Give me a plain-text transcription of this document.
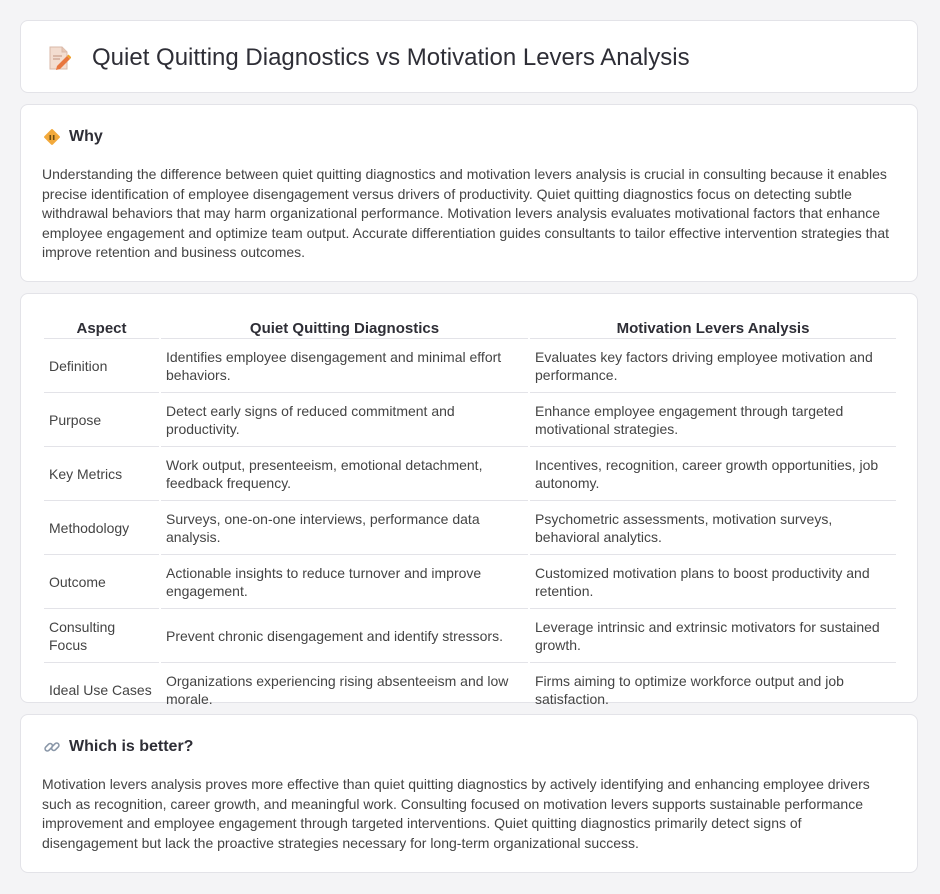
Quiet Quitting Diagnostics vs Motivation Levers Analysis
Why

Understanding the difference between quiet quitting diagnostics and motivation levers analysis is crucial in consulting because it enables precise identification of employee disengagement versus drivers of productivity. Quiet quitting diagnostics focus on detecting subtle withdrawal behaviors that may harm organizational performance. Motivation levers analysis evaluates motivational factors that enhance employee engagement and optimize team output. Accurate differentiation guides consultants to tailor effective intervention strategies that improve retention and business outcomes.

Aspect	Quiet Quitting Diagnostics	Motivation Levers Analysis
Definition	Identifies employee disengagement and minimal effort behaviors.	Evaluates key factors driving employee motivation and performance.
Purpose	Detect early signs of reduced commitment and productivity.	Enhance employee engagement through targeted motivational strategies.
Key Metrics	Work output, presenteeism, emotional detachment, feedback frequency.	Incentives, recognition, career growth opportunities, job autonomy.
Methodology	Surveys, one-on-one interviews, performance data analysis.	Psychometric assessments, motivation surveys, behavioral analytics.
Outcome	Actionable insights to reduce turnover and improve engagement.	Customized motivation plans to boost productivity and retention.
Consulting Focus	Prevent chronic disengagement and identify stressors.	Leverage intrinsic and extrinsic motivators for sustained growth.
Ideal Use Cases	Organizations experiencing rising absenteeism and low morale.	Firms aiming to optimize workforce output and job satisfaction.
Which is better?

Motivation levers analysis proves more effective than quiet quitting diagnostics by actively identifying and enhancing employee drivers such as recognition, career growth, and meaningful work. Consulting focused on motivation levers supports sustainable performance improvement and employee engagement through targeted interventions. Quiet quitting diagnostics primarily detect signs of disengagement but lack the proactive strategies necessary for long-term organizational success.
